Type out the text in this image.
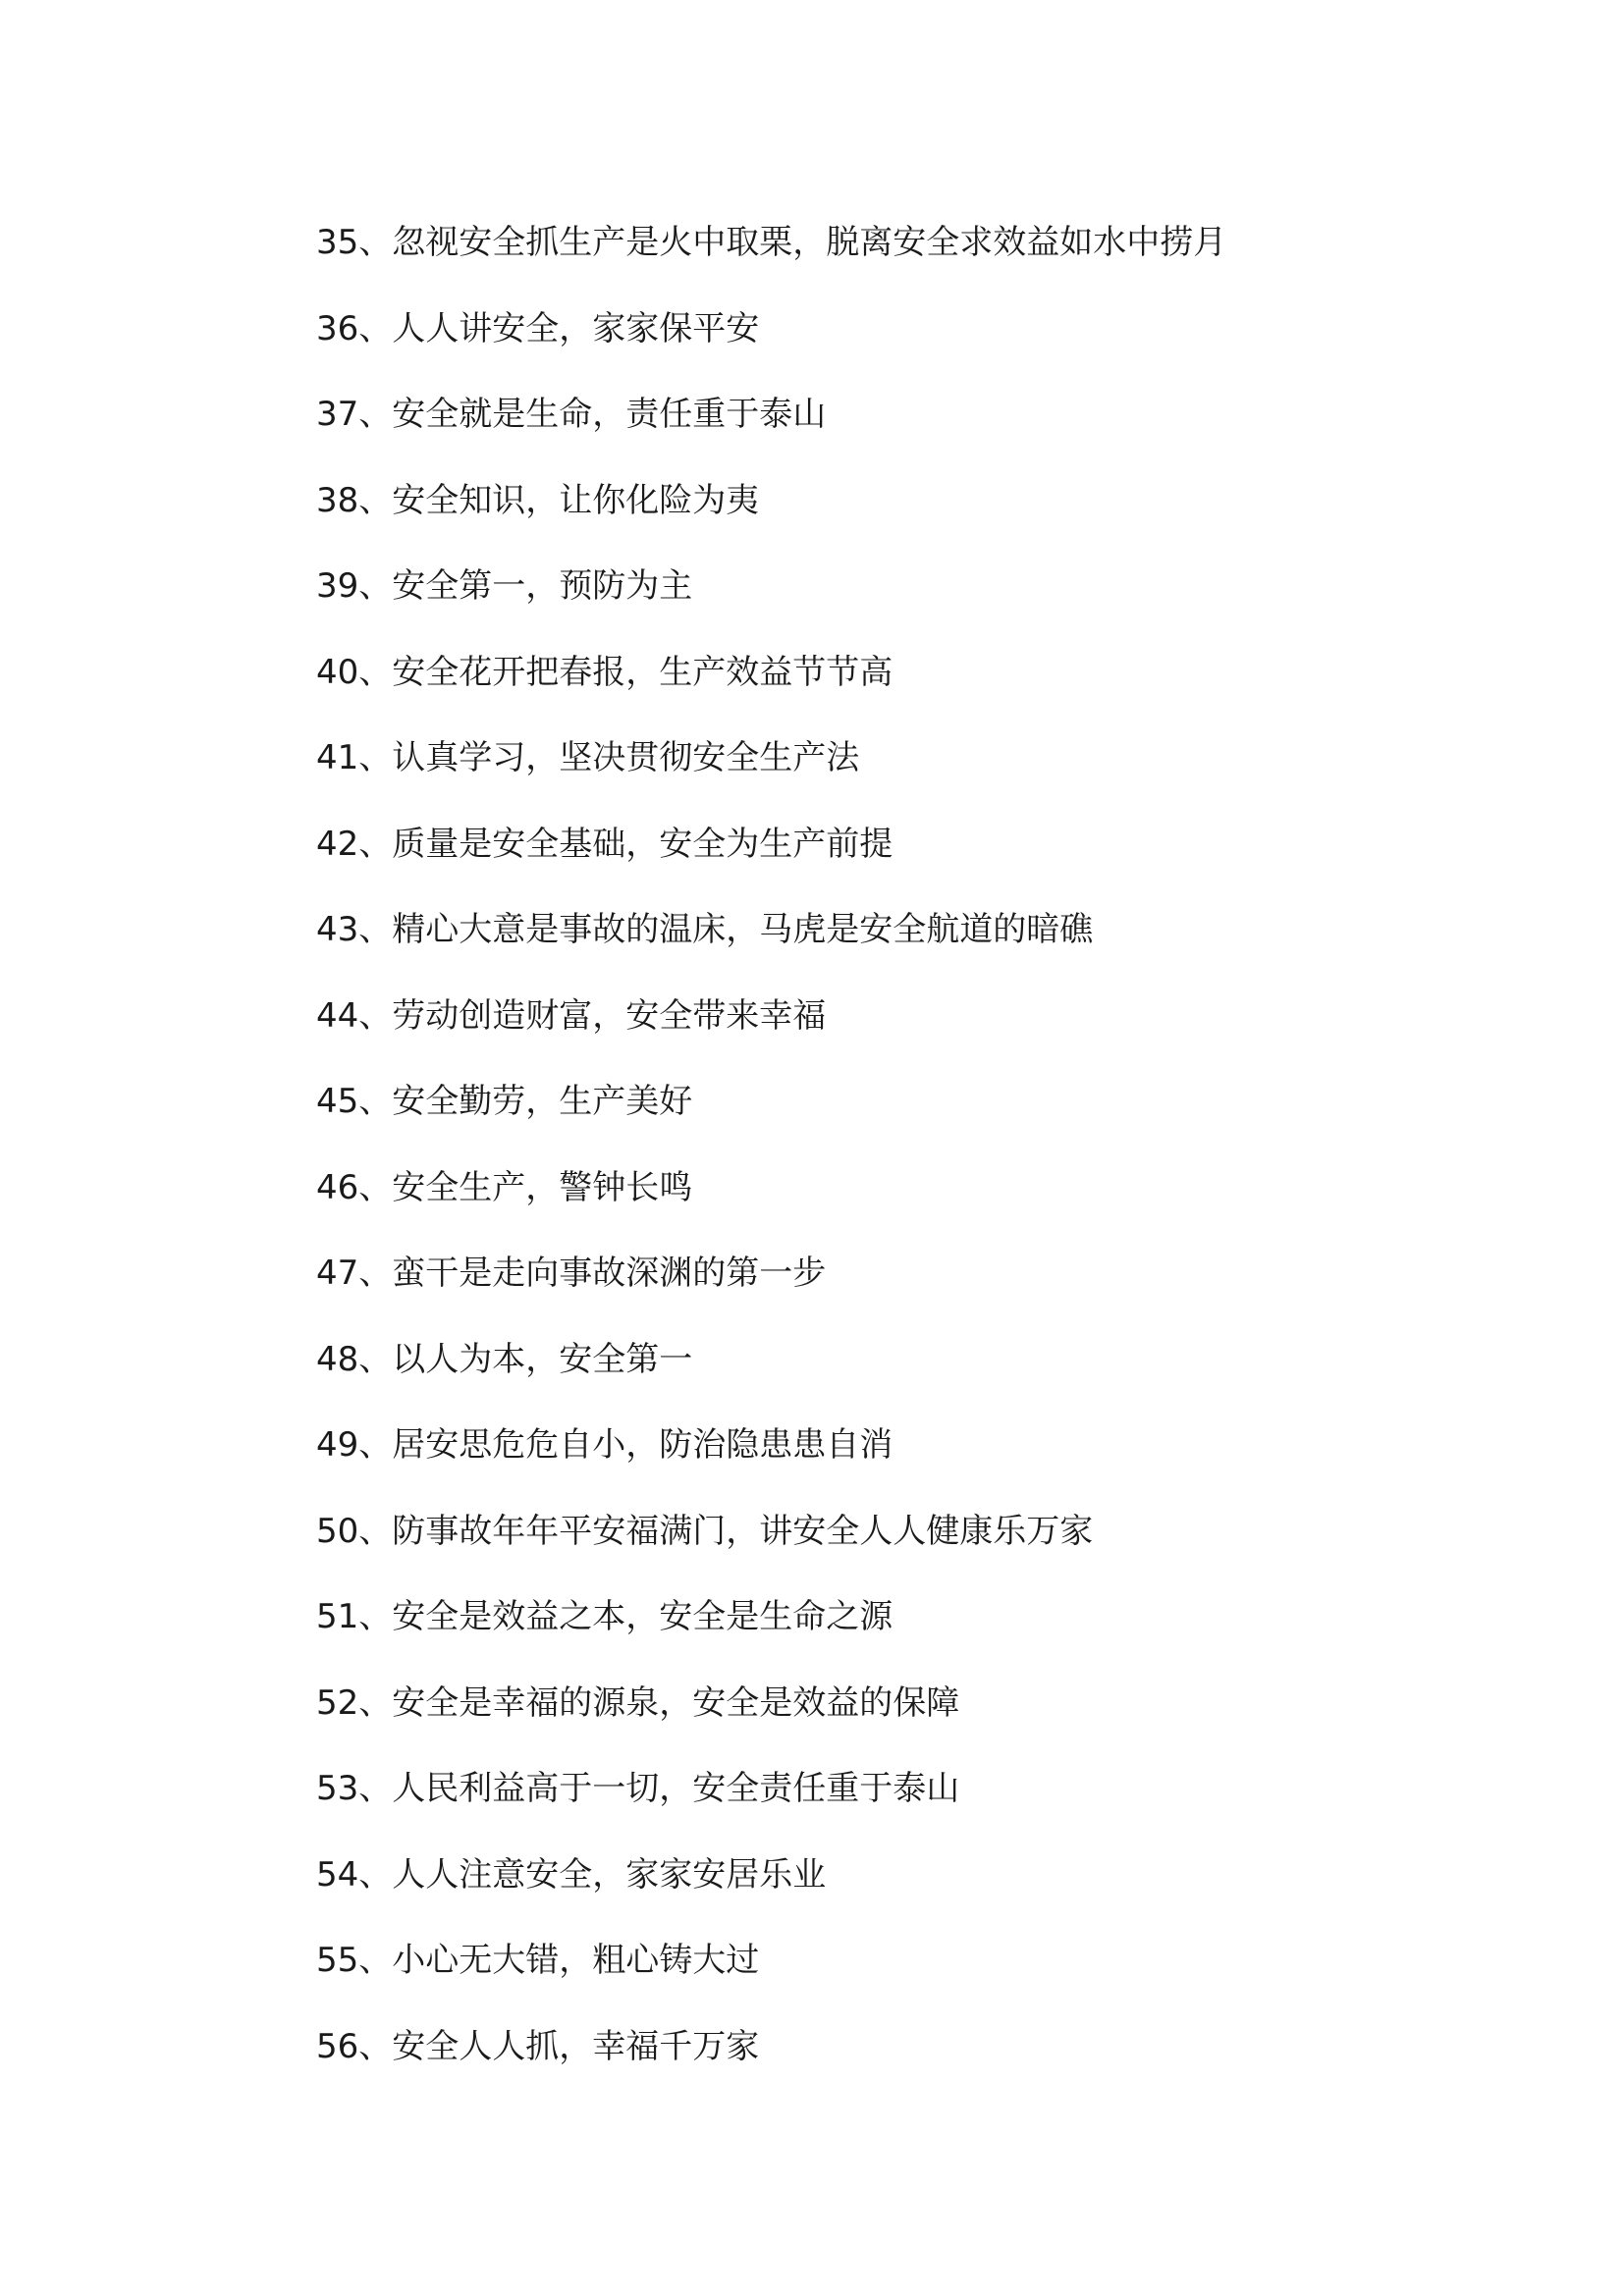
35、忽视安全抓生产是火中取栗，脱离安全求效益如水中捞月
36、人人讲安全，家家保平安
37、安全就是生命，责任重于泰山
38、安全知识，让你化险为夷
39、安全第一，预防为主
40、安全花开把春报，生产效益节节高
41、认真学习，坚决贯彻安全生产法
42、质量是安全基础，安全为生产前提
43、精心大意是事故的温床，马虎是安全航道的暗礁
44、劳动创造财富，安全带来幸福
45、安全勤劳，生产美好
46、安全生产，警钟长鸣
47、蛮干是走向事故深渊的第一步
48、以人为本，安全第一
49、居安思危危自小，防治隐患患自消
50、防事故年年平安福满门，讲安全人人健康乐万家
51、安全是效益之本，安全是生命之源
52、安全是幸福的源泉，安全是效益的保障
53、人民利益高于一切，安全责任重于泰山
54、人人注意安全，家家安居乐业
55、小心无大错，粗心铸大过
56、安全人人抓，幸福千万家
